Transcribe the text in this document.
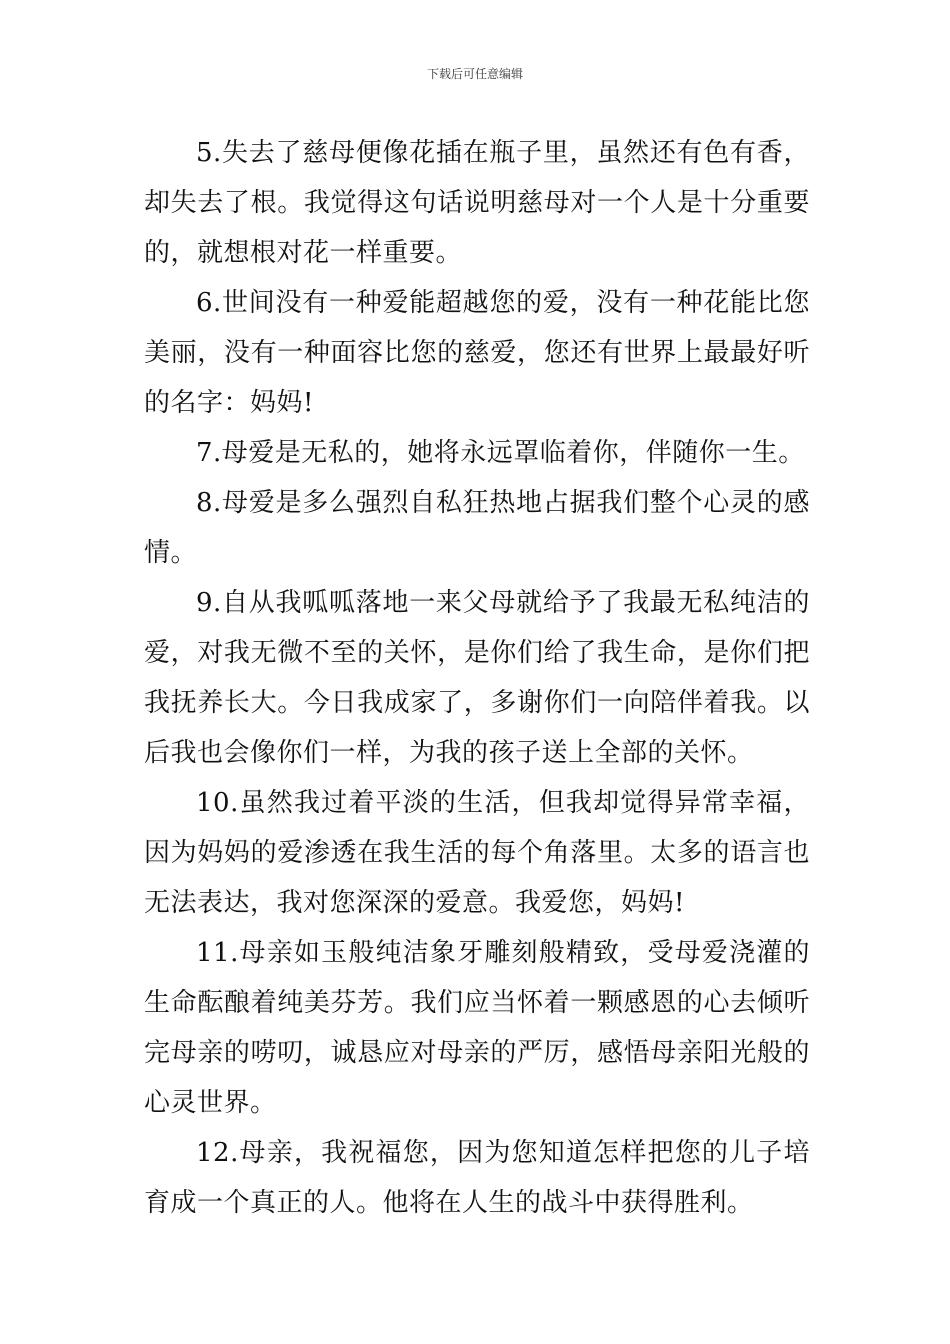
下载后可任意编辑

5.失去了慈母便像花插在瓶子里，虽然还有色有香，却失去了根。我觉得这句话说明慈母对一个人是十分重要的，就想根对花一样重要。

6.世间没有一种爱能超越您的爱，没有一种花能比您美丽，没有一种面容比您的慈爱，您还有世界上最最好听的名字：妈妈!

7.母爱是无私的，她将永远罩临着你，伴随你一生。

8.母爱是多么强烈自私狂热地占据我们整个心灵的感情。

9.自从我呱呱落地一来父母就给予了我最无私纯洁的爱，对我无微不至的关怀，是你们给了我生命，是你们把我抚养长大。今日我成家了，多谢你们一向陪伴着我。以后我也会像你们一样，为我的孩子送上全部的关怀。

10.虽然我过着平淡的生活，但我却觉得异常幸福，因为妈妈的爱渗透在我生活的每个角落里。太多的语言也无法表达，我对您深深的爱意。我爱您，妈妈!

11.母亲如玉般纯洁象牙雕刻般精致，受母爱浇灌的生命酝酿着纯美芬芳。我们应当怀着一颗感恩的心去倾听完母亲的唠叨，诚恳应对母亲的严厉，感悟母亲阳光般的心灵世界。

12.母亲，我祝福您，因为您知道怎样把您的儿子培育成一个真正的人。他将在人生的战斗中获得胜利。
